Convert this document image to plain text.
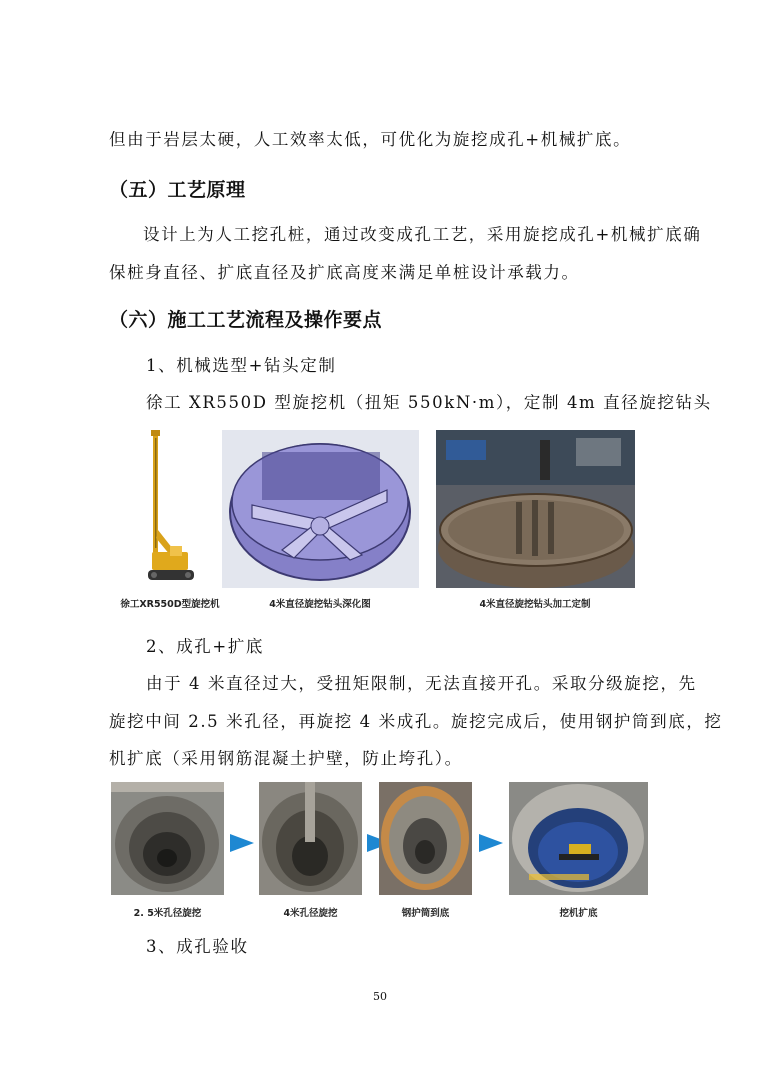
但由于岩层太硬，人工效率太低，可优化为旋挖成孔+机械扩底。
（五）工艺原理
设计上为人工挖孔桩，通过改变成孔工艺，采用旋挖成孔+机械扩底确
保桩身直径、扩底直径及扩底高度来满足单桩设计承载力。
（六）施工工艺流程及操作要点
1、机械选型+钻头定制
徐工 XR550D 型旋挖机（扭矩 550kN·m），定制 4m 直径旋挖钻头
徐工XR550D型旋挖机	4米直径旋挖钻头深化图	4米直径旋挖钻头加工定制
2、成孔+扩底
由于 4 米直径过大，受扭矩限制，无法直接开孔。采取分级旋挖，先
旋挖中间 2.5 米孔径，再旋挖 4 米成孔。旋挖完成后，使用钢护筒到底，挖
机扩底（采用钢筋混凝土护壁，防止垮孔）。
2. 5米孔径旋挖	4米孔径旋挖	钢护筒到底	挖机扩底
3、成孔验收
50
